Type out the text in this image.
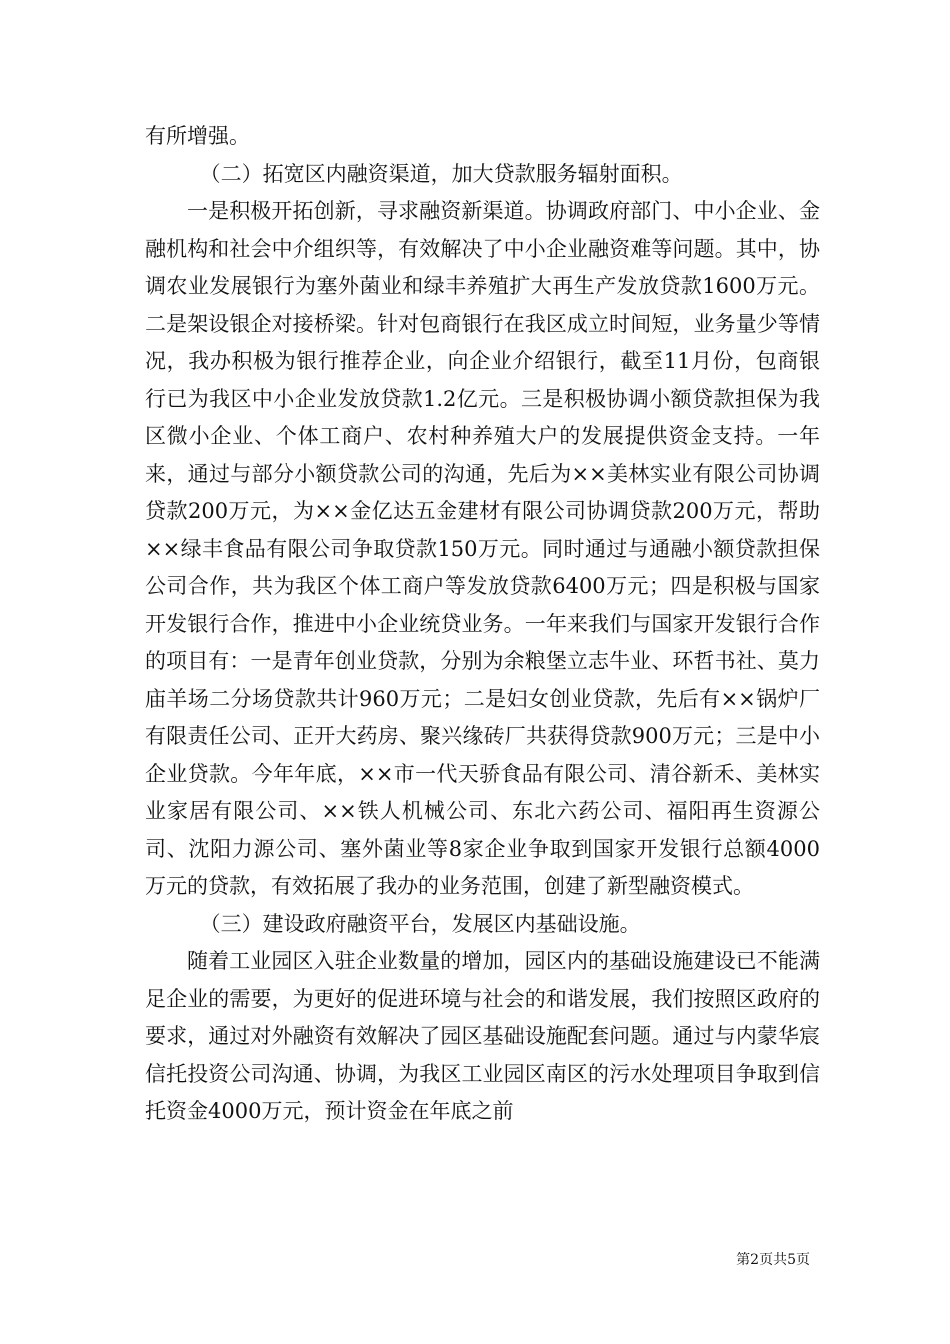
有所增强。

（二）拓宽区内融资渠道，加大贷款服务辐射面积。

一是积极开拓创新，寻求融资新渠道。协调政府部门、中小企业、金融机构和社会中介组织等，有效解决了中小企业融资难等问题。其中，协调农业发展银行为塞外菌业和绿丰养殖扩大再生产发放贷款1600万元。二是架设银企对接桥梁。针对包商银行在我区成立时间短，业务量少等情况，我办积极为银行推荐企业，向企业介绍银行，截至11月份，包商银行已为我区中小企业发放贷款1.2亿元。三是积极协调小额贷款担保为我区微小企业、个体工商户、农村种养殖大户的发展提供资金支持。一年来，通过与部分小额贷款公司的沟通，先后为××美林实业有限公司协调贷款200万元，为××金亿达五金建材有限公司协调贷款200万元，帮助××绿丰食品有限公司争取贷款150万元。同时通过与通融小额贷款担保公司合作，共为我区个体工商户等发放贷款6400万元；四是积极与国家开发银行合作，推进中小企业统贷业务。一年来我们与国家开发银行合作的项目有：一是青年创业贷款，分别为余粮堡立志牛业、环哲书社、莫力庙羊场二分场贷款共计960万元；二是妇女创业贷款，先后有××锅炉厂有限责任公司、正开大药房、聚兴缘砖厂共获得贷款900万元；三是中小企业贷款。今年年底，××市一代天骄食品有限公司、清谷新禾、美林实业家居有限公司、××铁人机械公司、东北六药公司、福阳再生资源公司、沈阳力源公司、塞外菌业等8家企业争取到国家开发银行总额4000万元的贷款，有效拓展了我办的业务范围，创建了新型融资模式。

（三）建设政府融资平台，发展区内基础设施。

随着工业园区入驻企业数量的增加，园区内的基础设施建设已不能满足企业的需要，为更好的促进环境与社会的和谐发展，我们按照区政府的要求，通过对外融资有效解决了园区基础设施配套问题。通过与内蒙华宸信托投资公司沟通、协调，为我区工业园区南区的污水处理项目争取到信托资金4000万元，预计资金在年底之前

第2页共5页
